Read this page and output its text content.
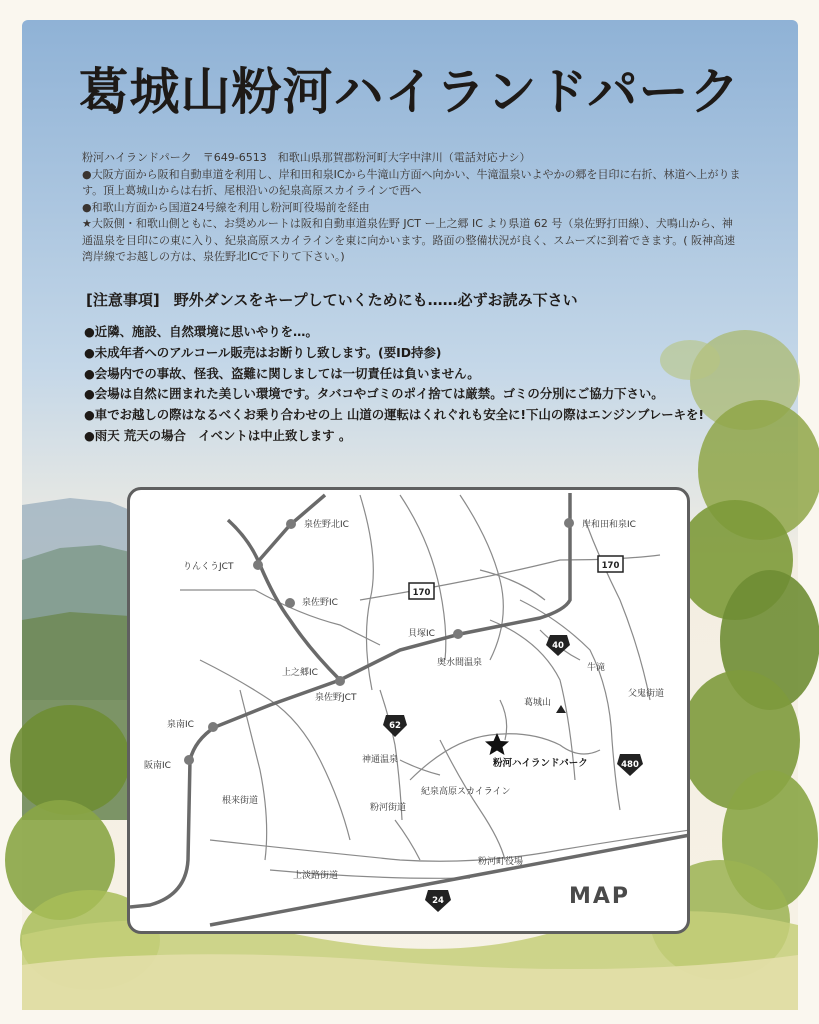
葛城山粉河ハイランドパーク

粉河ハイランドパーク　〒649-6513　和歌山県那賀郡粉河町大字中津川（電話対応ナシ）

●大阪方面から阪和自動車道を利用し、岸和田和泉ICから牛滝山方面へ向かい、牛滝温泉いよやかの郷を目印に右折、林道へ上がります。頂上葛城山からは右折、尾根沿いの紀泉高原スカイラインで西へ

●和歌山方面から国道24号線を利用し粉河町役場前を経由

★大阪側・和歌山側ともに、お奨めルートは阪和自動車道泉佐野 JCT ー上之郷 IC より県道 62 号（泉佐野打田線）、犬鳴山から、神通温泉を目印にの東に入り、紀泉高原スカイラインを東に向かいます。路面の整備状況が良く、スムーズに到着できます。( 阪神高速湾岸線でお越しの方は、泉佐野北ICで下りて下さい。)

[注意事項] 野外ダンスをキープしていくためにも……必ずお読み下さい
●近隣、施設、自然環境に思いやりを…。
●未成年者へのアルコール販売はお断りし致します。(要ID持参)
●会場内での事故、怪我、盗難に関しましては一切責任は負いません。
●会場は自然に囲まれた美しい環境です。タバコやゴミのポイ捨ては厳禁。ゴミの分別にご協力下さい。
●車でお越しの際はなるべくお乗り合わせの上 山道の運転はくれぐれも安全に!下山の際はエンジンブレーキを!
●雨天 荒天の場合　イベントは中止致します 。
170
170
40
62
480
24
泉佐野北IC	岸和田和泉IC
りんくうJCT
泉佐野IC
貝塚IC
上之郷IC
泉佐野JCT
泉南IC
阪南IC
奥水間温泉	牛滝
葛城山
父鬼街道
神通温泉	粉河ハイランドパーク
紀泉高原スカイライン
根来街道
粉河街道
上淡路街道
粉河町役場
MAP
